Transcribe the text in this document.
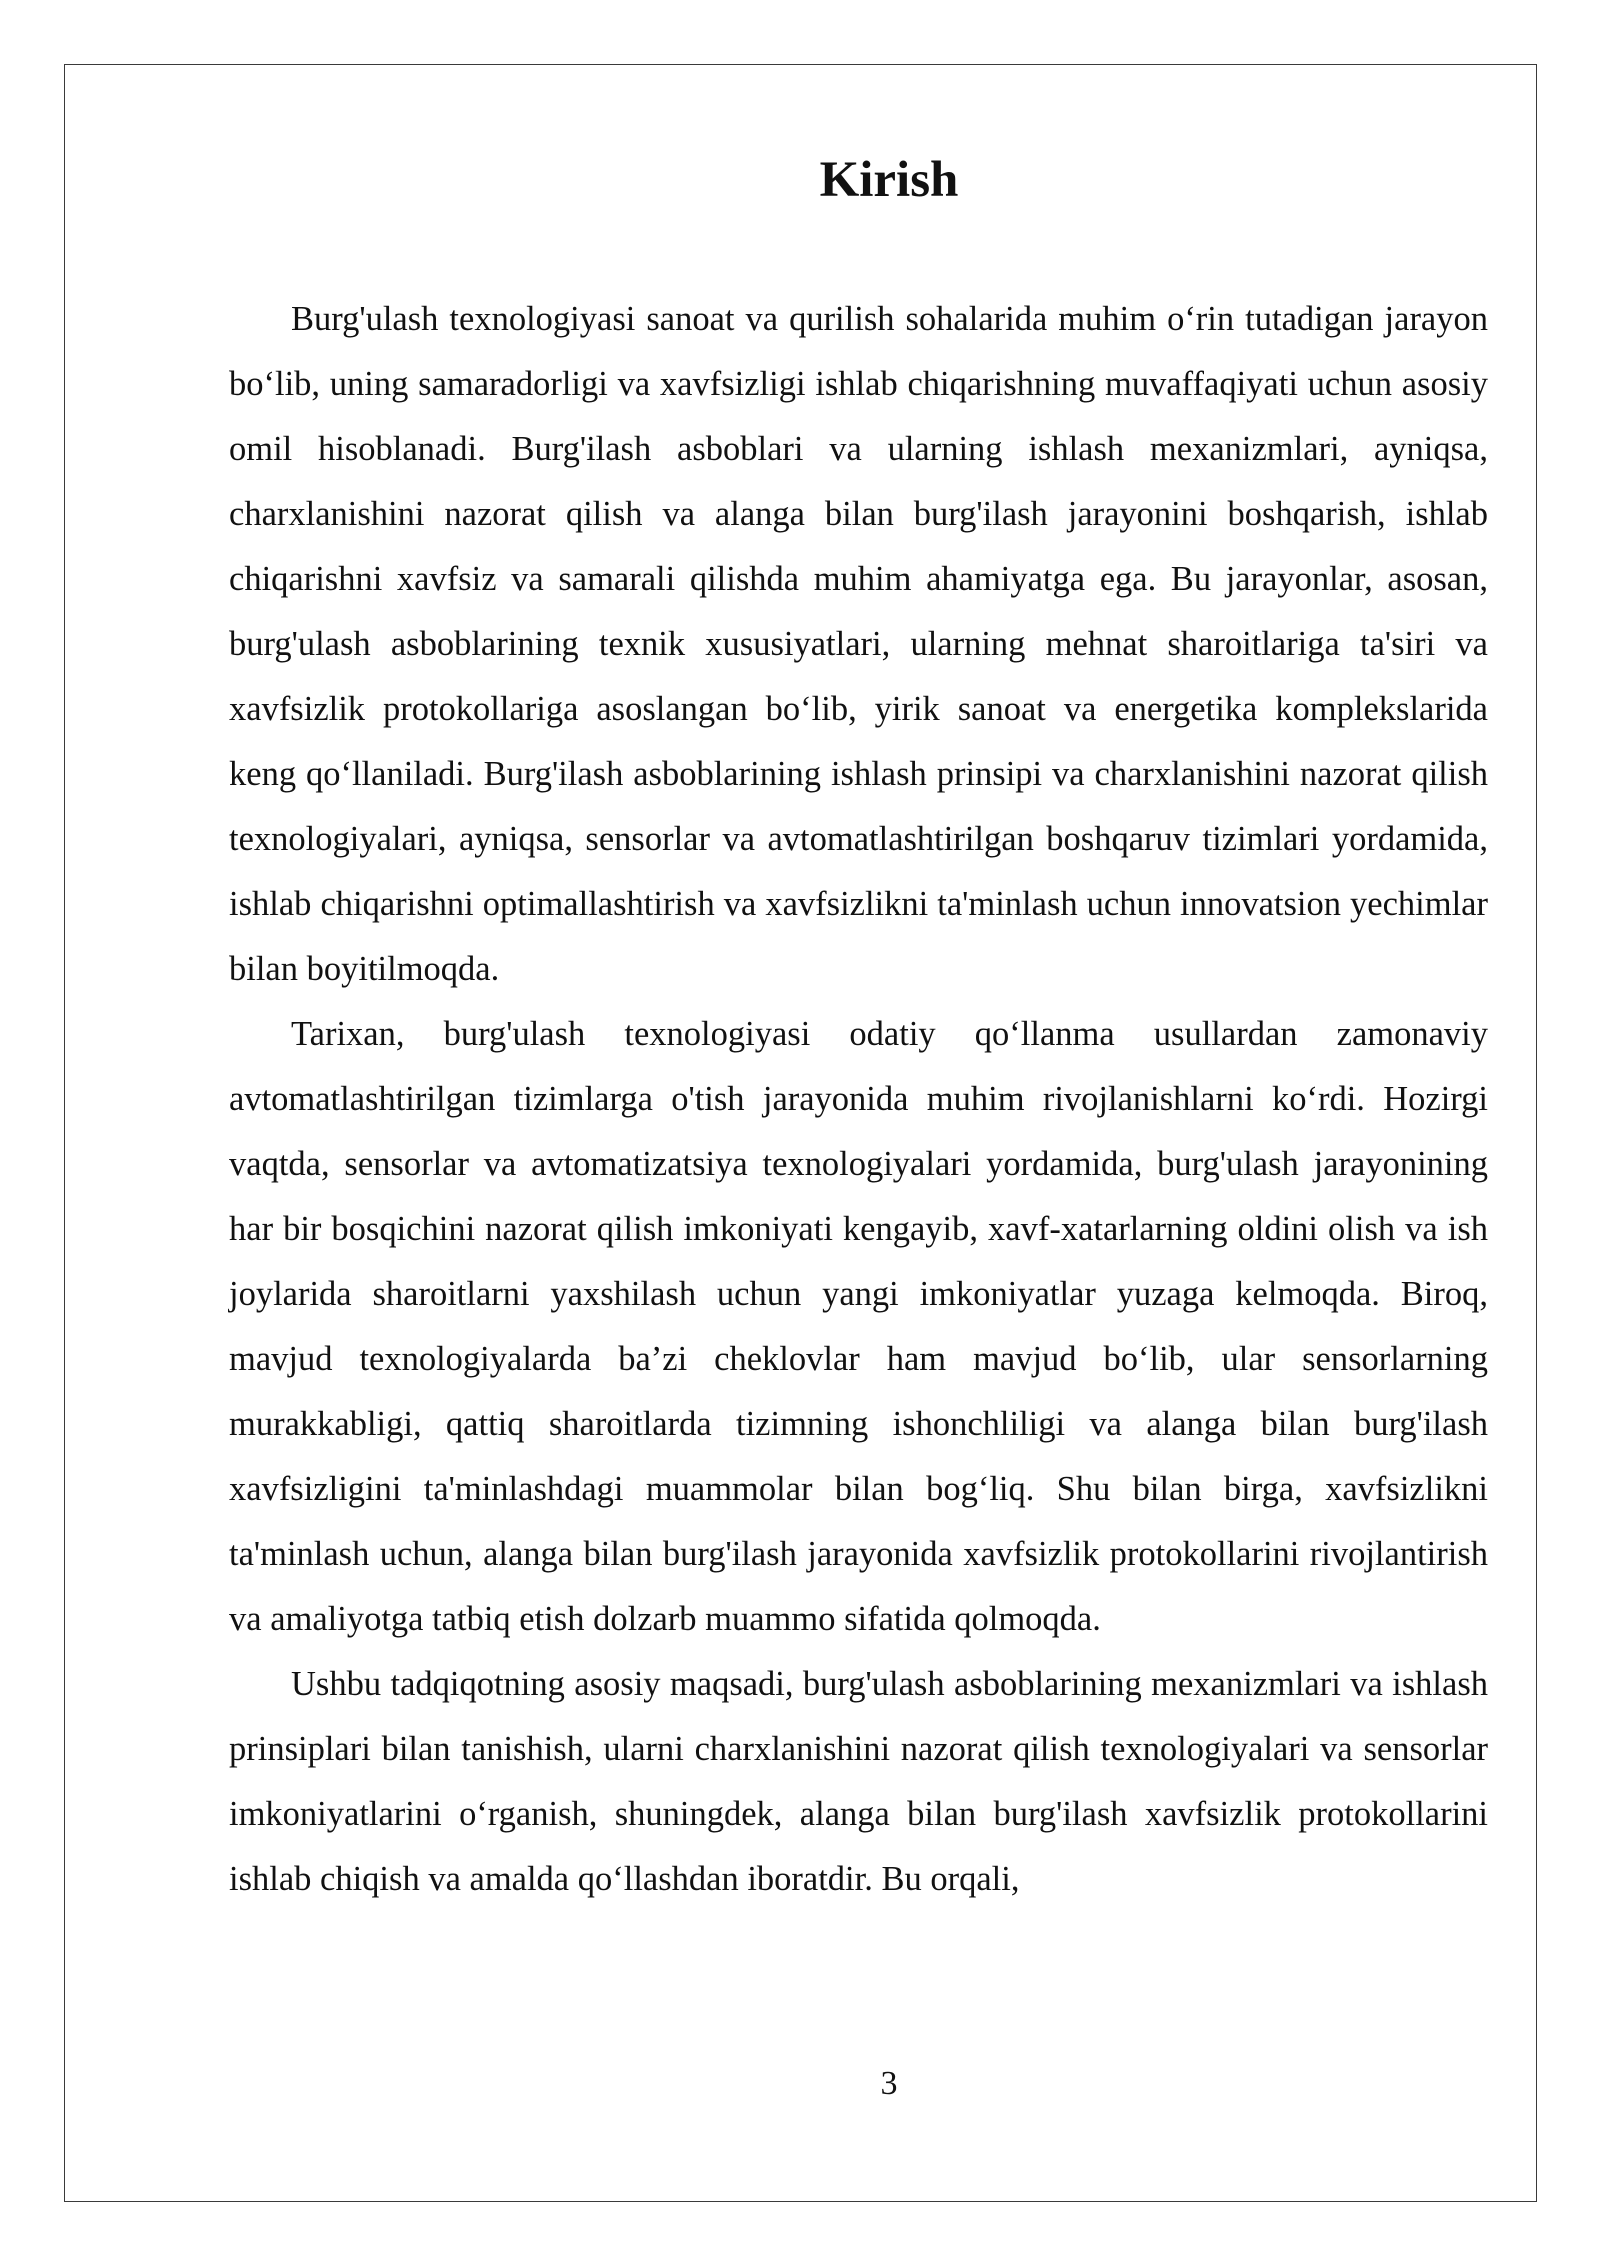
Kirish

Burg'ulash texnologiyasi sanoat va qurilish sohalarida muhim o‘rin tutadigan jarayon bo‘lib, uning samaradorligi va xavfsizligi ishlab chiqarishning muvaffaqiyati uchun asosiy omil hisoblanadi. Burg'ilash asboblari va ularning ishlash mexanizmlari, ayniqsa, charxlanishini nazorat qilish va alanga bilan burg'ilash jarayonini boshqarish, ishlab chiqarishni xavfsiz va samarali qilishda muhim ahamiyatga ega. Bu jarayonlar, asosan, burg'ulash asboblarining texnik xususiyatlari, ularning mehnat sharoitlariga ta'siri va xavfsizlik protokollariga asoslangan bo‘lib, yirik sanoat va energetika komplekslarida keng qo‘llaniladi. Burg'ilash asboblarining ishlash prinsipi va charxlanishini nazorat qilish texnologiyalari, ayniqsa, sensorlar va avtomatlashtirilgan boshqaruv tizimlari yordamida, ishlab chiqarishni optimallashtirish va xavfsizlikni ta'minlash uchun innovatsion yechimlar bilan boyitilmoqda.

Tarixan, burg'ulash texnologiyasi odatiy qo‘llanma usullardan zamonaviy avtomatlashtirilgan tizimlarga o'tish jarayonida muhim rivojlanishlarni ko‘rdi. Hozirgi vaqtda, sensorlar va avtomatizatsiya texnologiyalari yordamida, burg'ulash jarayonining har bir bosqichini nazorat qilish imkoniyati kengayib, xavf-xatarlarning oldini olish va ish joylarida sharoitlarni yaxshilash uchun yangi imkoniyatlar yuzaga kelmoqda. Biroq, mavjud texnologiyalarda ba’zi cheklovlar ham mavjud bo‘lib, ular sensorlarning murakkabligi, qattiq sharoitlarda tizimning ishonchliligi va alanga bilan burg'ilash xavfsizligini ta'minlashdagi muammolar bilan bog‘liq. Shu bilan birga, xavfsizlikni ta'minlash uchun, alanga bilan burg'ilash jarayonida xavfsizlik protokollarini rivojlantirish va amaliyotga tatbiq etish dolzarb muammo sifatida qolmoqda.

Ushbu tadqiqotning asosiy maqsadi, burg'ulash asboblarining mexanizmlari va ishlash prinsiplari bilan tanishish, ularni charxlanishini nazorat qilish texnologiyalari va sensorlar imkoniyatlarini o‘rganish, shuningdek, alanga bilan burg'ilash xavfsizlik protokollarini ishlab chiqish va amalda qo‘llashdan iboratdir. Bu orqali,

3
